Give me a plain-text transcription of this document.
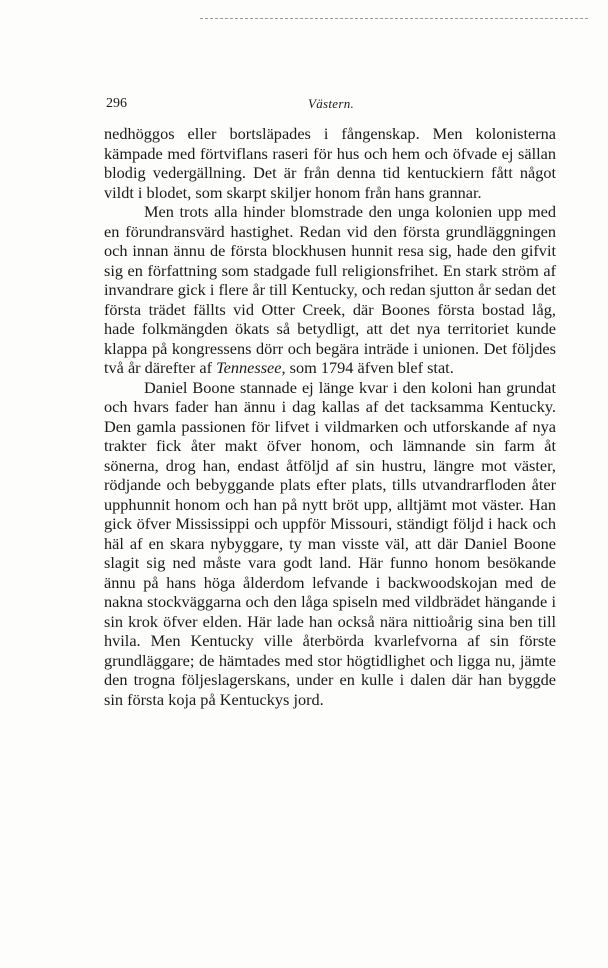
296	Västern.

nedhöggos eller bortsläpades i fångenskap. Men kolonisterna kämpade med förtviflans raseri för hus och hem och öfvade ej sällan blodig vedergällning. Det är från denna tid kentuckiern fått något vildt i blodet, som skarpt skiljer honom från hans grannar.

Men trots alla hinder blomstrade den unga kolonien upp med en förundransvärd hastighet. Redan vid den första grundläggningen och innan ännu de första blockhusen hunnit resa sig, hade den gifvit sig en författning som stadgade full religionsfrihet. En stark ström af invandrare gick i flere år till Kentucky, och redan sjutton år sedan det första trädet fällts vid Otter Creek, där Boones första bostad låg, hade folkmängden ökats så betydligt, att det nya territoriet kunde klappa på kongressens dörr och begära inträde i unionen. Det följdes två år därefter af Tennessee, som 1794 äfven blef stat.

Daniel Boone stannade ej länge kvar i den koloni han grundat och hvars fader han ännu i dag kallas af det tacksamma Kentucky. Den gamla passionen för lifvet i vildmarken och utforskande af nya trakter fick åter makt öfver honom, och lämnande sin farm åt sönerna, drog han, endast åtföljd af sin hustru, längre mot väster, rödjande och bebyggande plats efter plats, tills utvandrarfloden åter upphunnit honom och han på nytt bröt upp, alltjämt mot väster. Han gick öfver Mississippi och uppför Missouri, ständigt följd i hack och häl af en skara nybyggare, ty man visste väl, att där Daniel Boone slagit sig ned måste vara godt land. Här funno honom besökande ännu på hans höga ålderdom lefvande i backwoodskojan med de nakna stockväggarna och den låga spiseln med vildbrädet hängande i sin krok öfver elden. Här lade han också nära nittioårig sina ben till hvila. Men Kentucky ville återbörda kvarlefvorna af sin förste grundläggare; de hämtades med stor högtidlighet och ligga nu, jämte den trogna följeslagerskans, under en kulle i dalen där han byggde sin första koja på Kentuckys jord.
